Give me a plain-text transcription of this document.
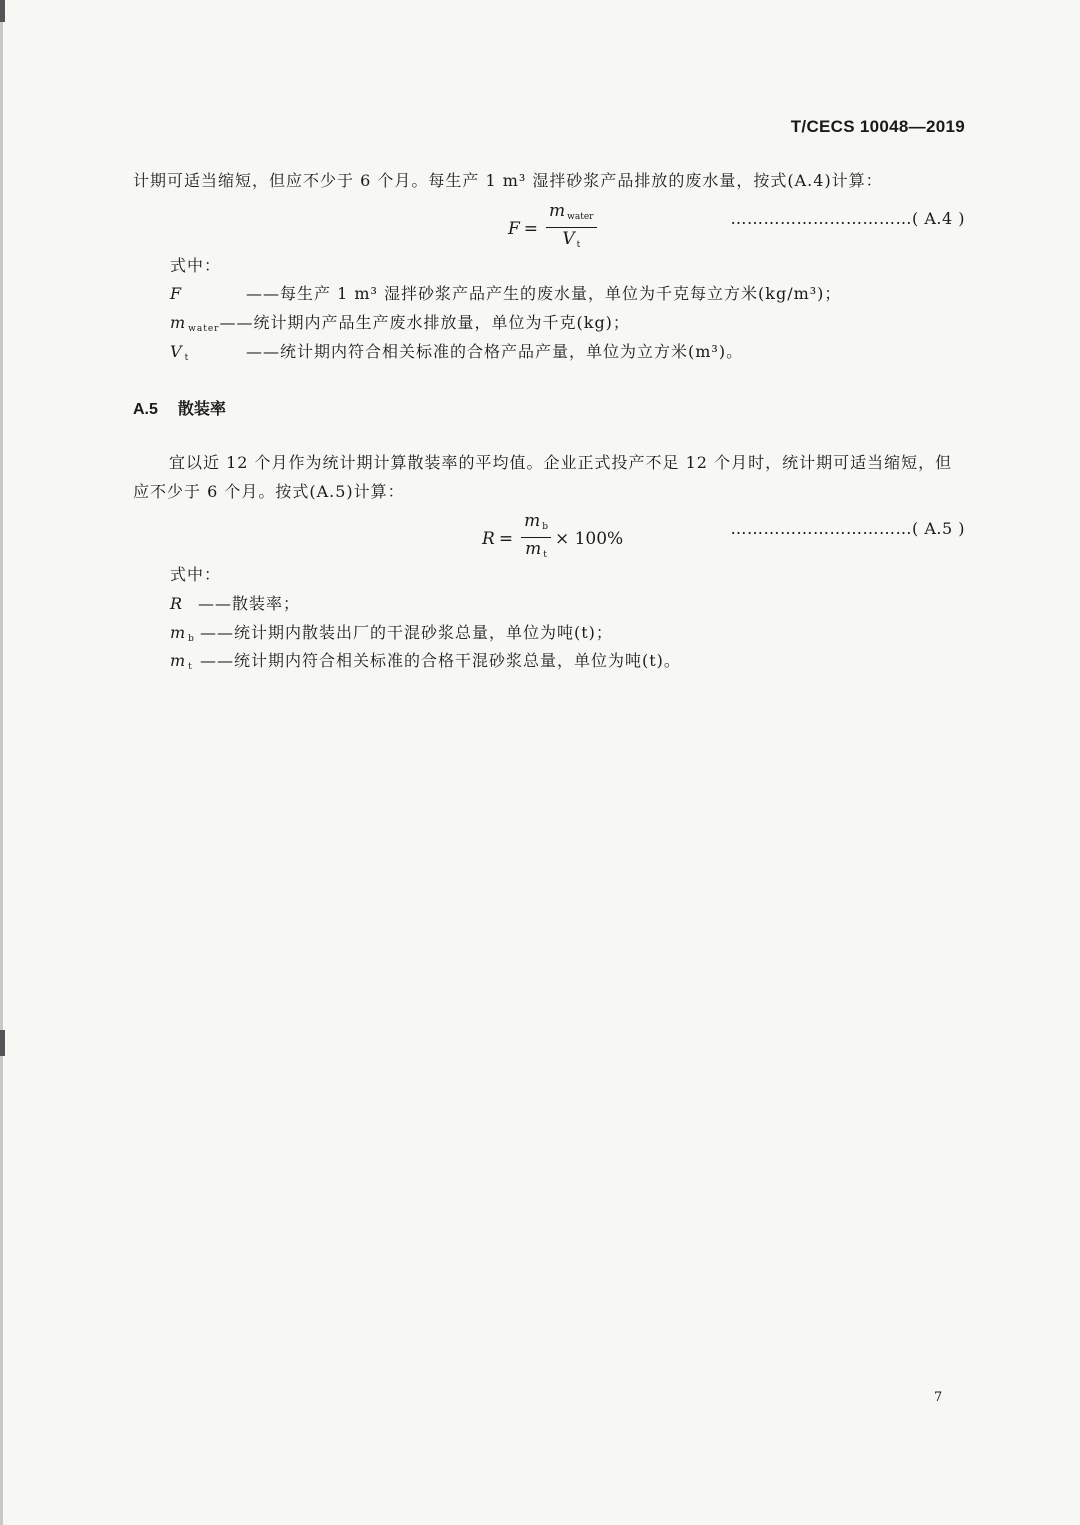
T/CECS 10048—2019
计期可适当缩短，但应不少于 6 个月。每生产 1 m³ 湿拌砂浆产品排放的废水量，按式(A.4)计算：
$F = \frac{m _{water}}{V _t}$	……………………………( A.4 )
式中：
F	——每生产 1 m³ 湿拌砂浆产品产生的废水量，单位为千克每立方米(kg/m³)；
m $_{water}$——统计期内产品生产废水排放量，单位为千克(kg)；
V $_t$	——统计期内符合相关标准的合格产品产量，单位为立方米(m³)。
A.5 散装率
宜以近 12 个月作为统计期计算散装率的平均值。企业正式投产不足 12 个月时，统计期可适当缩短，但应不少于 6 个月。按式(A.5)计算：
$R = \frac{m _b}{m _t} \times 100\%$	……………………………( A.5 )
式中：
R ——散装率；
m $_b$ ——统计期内散装出厂的干混砂浆总量，单位为吨(t)；
m $_t$ ——统计期内符合相关标准的合格干混砂浆总量，单位为吨(t)。
7
